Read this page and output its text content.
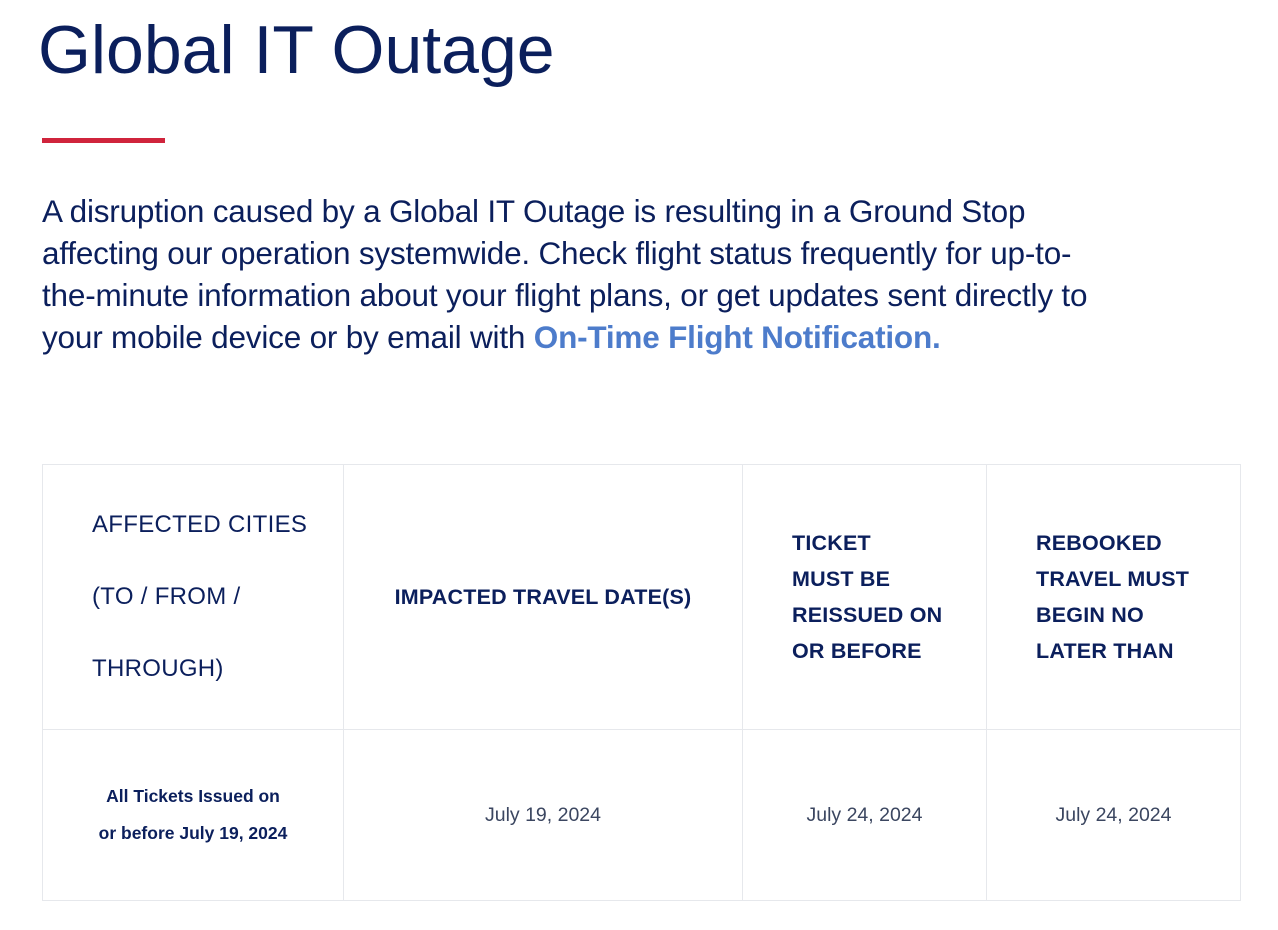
Global IT Outage

A disruption caused by a Global IT Outage is resulting in a Ground Stop affecting our operation systemwide. Check flight status frequently for up-to-the-minute information about your flight plans, or get updates sent directly to your mobile device or by email with On-Time Flight Notification.

AFFECTED CITIES
(TO / FROM /
THROUGH)	IMPACTED TRAVEL DATE(S)	TICKET
MUST BE
REISSUED ON
OR BEFORE	REBOOKED
TRAVEL MUST
BEGIN NO
LATER THAN

All Tickets Issued on
or before July 19, 2024	July 19, 2024	July 24, 2024	July 24, 2024
